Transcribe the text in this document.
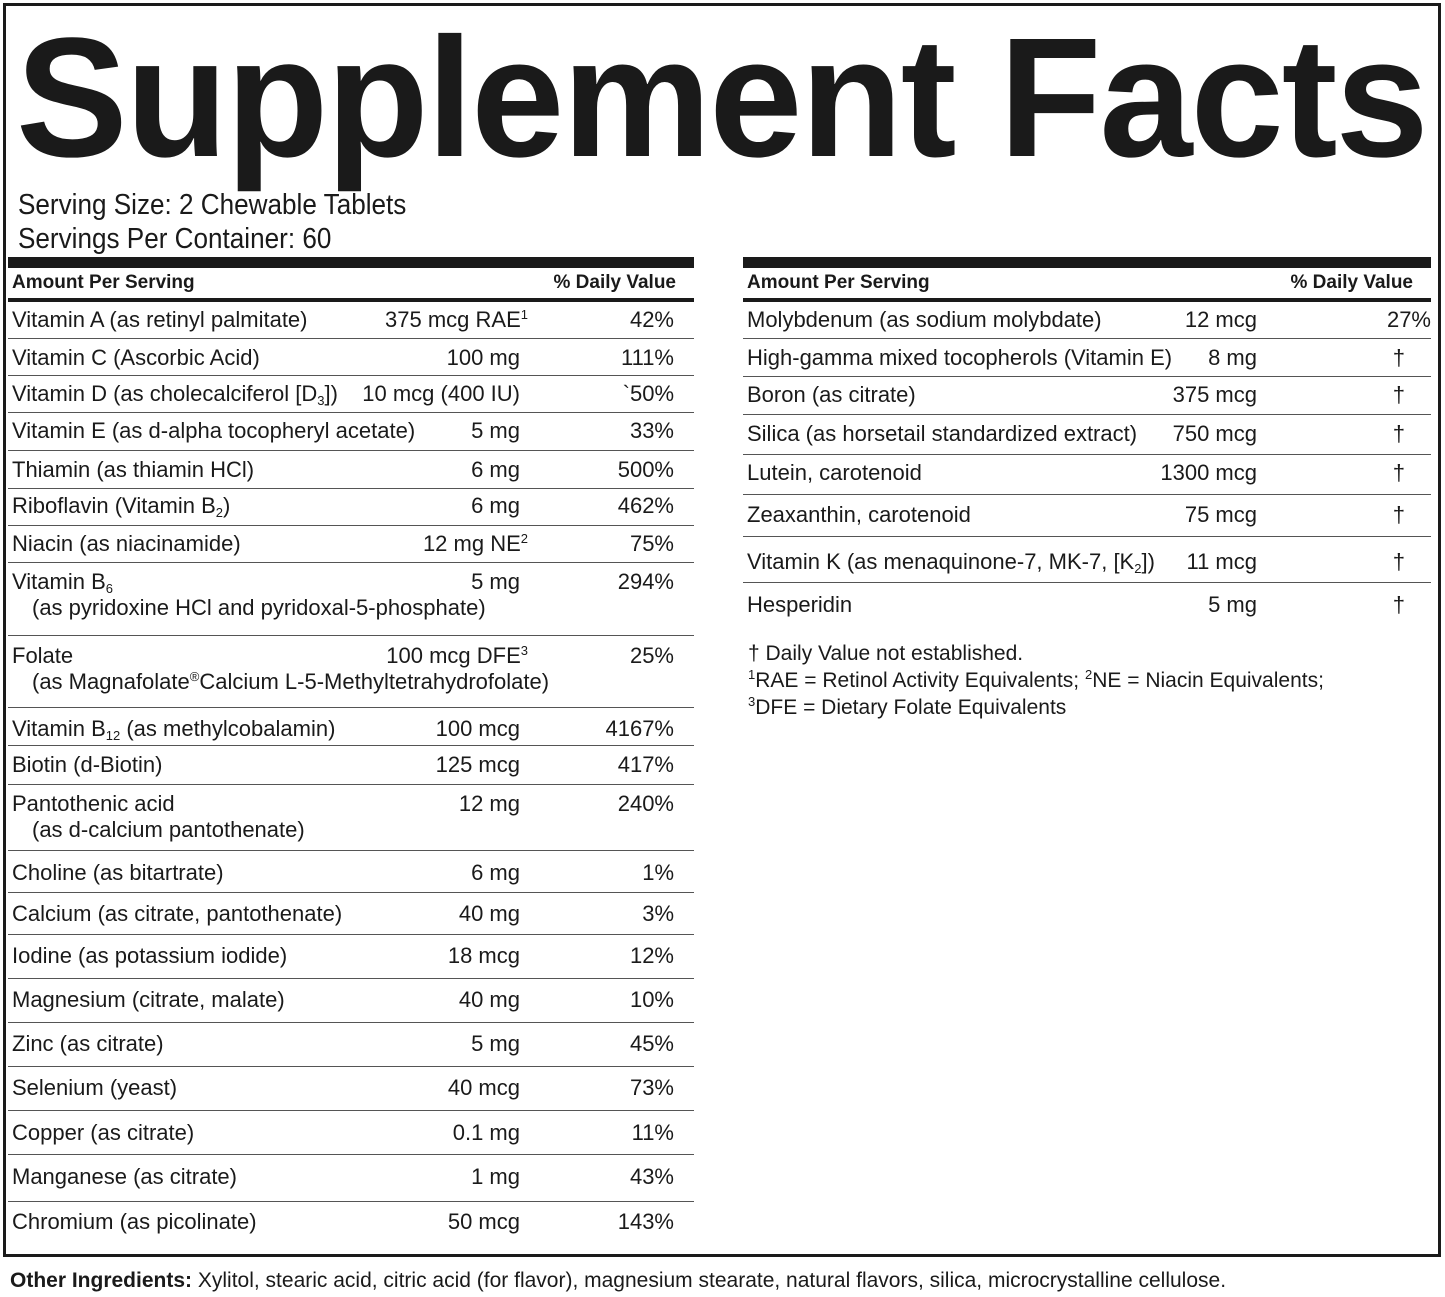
Supplement Facts
Serving Size: 2 Chewable Tablets
Servings Per Container: 60
Amount Per Serving	% Daily Value
Vitamin A (as retinyl palmitate)	375 mcg RAE$^1$	42%
Vitamin C (Ascorbic Acid)	100 mg	111%
Vitamin D (as cholecalciferol $[D_3]$) 10 mcg (400 IU)	`50%
Vitamin E (as d-alpha tocopheryl acetate)	5 mg	33%
Thiamin (as thiamin HCl)	6 mg	500%
Riboflavin (Vitamin $B_2$)	6 mg	462%
Niacin (as niacinamide)	12 mg $NE^2$	75%
Vitamin $B_6$
(as pyridoxine HCl and pyridoxal-5-phosphate)
5 mg	294%
Folate
(as Magnafolate®Calcium L-5-Methyltetrahydrofolate)
100 mcg DFE$^3$	25%
Vitamin $B_{12}$ (as methylcobalamin)	100 mcg	4167%
Biotin (d-Biotin)	125 mcg	417%
Pantothenic acid
(as d-calcium pantothenate)
12 mg	240%
Choline (as bitartrate)	6 mg	1%
Calcium (as citrate, pantothenate)	40 mg	3%
Iodine (as potassium iodide)	18 mcg	12%
Magnesium (citrate, malate)	40 mg	10%
Zinc (as citrate)	5 mg	45%
Selenium (yeast)	40 mcg	73%
Copper (as citrate)	0.1 mg	11%
Manganese (as citrate)	1 mg	43%
Chromium (as picolinate)	50 mcg	143%
Amount Per Serving	% Daily Value
Molybdenum (as sodium molybdate)	12 mcg	27%
High-gamma mixed tocopherols (Vitamin E) 8 mg	†
Boron (as citrate)	375 mcg	†
Silica (as horsetail standardized extract) 750 mcg	†
Lutein, carotenoid	1300 mcg	†
Zeaxanthin, carotenoid	75 mcg	†
Vitamin K (as menaquinone-7, MK-7, $[K_2]$) 11 mcg	†
Hesperidin	5 mg	†
† Daily Value not established.
$^1$RAE = Retinol Activity Equivalents; $^2$NE = Niacin Equivalents;
$^3$DFE = Dietary Folate Equivalents
Other Ingredients: Xylitol, stearic acid, citric acid (for flavor), magnesium stearate, natural flavors, silica, microcrystalline cellulose.
